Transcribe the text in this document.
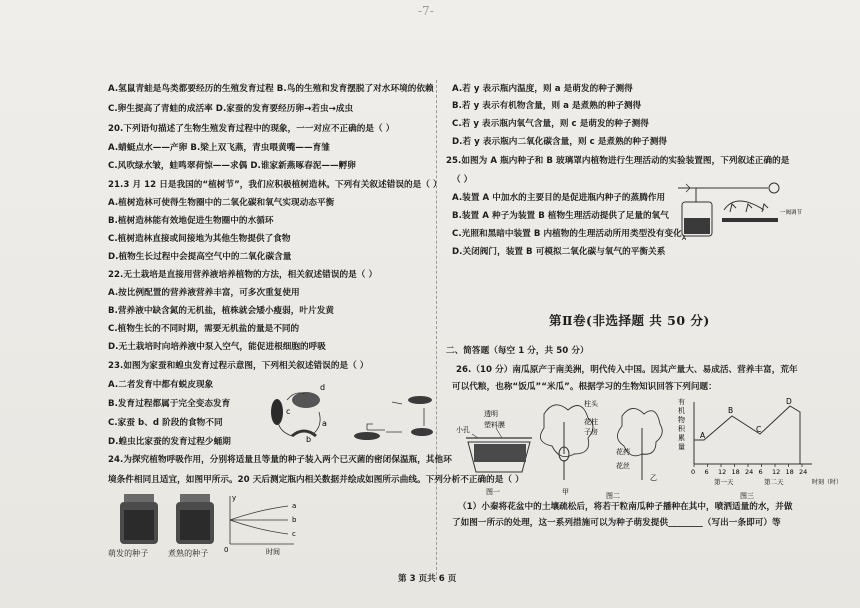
-7-
A.氢鼠青蛙是鸟类都要经历的生殖发育过程 B.鸟的生殖和发育摆脱了对水环境的依赖
C.卵生提高了青蛙的成活率 D.家蚕的发育要经历卵→若虫→成虫
20.下列语句描述了生物生殖发育过程中的现象，一一对应不正确的是（ ）
A.蜻蜓点水——产卵 B.梁上双飞燕，青虫喂黄嘴——育雏
C.风吹绿水皱，蛙鸣翠荷惊——求偶 D.谁家新燕啄春泥——孵卵
21.3 月 12 日是我国的“植树节”，我们应积极植树造林。下列有关叙述错误的是（ ）
A.植树造林可使得生物圈中的二氧化碳和氧气实现动态平衡
B.植树造林能有效地促进生物圈中的水循环
C.植树造林直接或间接地为其他生物提供了食物
D.植物生长过程中会提高空气中的二氧化碳含量
22.无土栽培是直接用营养液培养植物的方法，相关叙述错误的是（ ）
A.按比例配置的营养液营养丰富，可多次重复使用
B.营养液中缺含氮的无机盐，植株就会矮小瘦弱，叶片发黄
C.植物生长的不同时期，需要无机盐的量是不同的
D.无土栽培时向培养液中泵入空气，能促进根细胞的呼吸
23.如图为家蚕和蝗虫发育过程示意图，下列相关叙述错误的是（ ）
A.二者发育中都有蜕皮现象
B.发育过程都属于完全变态发育
C.家蚕 b、d 阶段的食物不同
D.蝗虫比家蚕的发育过程少蛹期
c
d
a
b
24.为探究植物呼吸作用，分别将适量且等量的种子装入两个已灭菌的密闭保温瓶，其他环
境条件相同且适宜，如图甲所示。20 天后测定瓶内相关数据并绘成如图所示曲线。下列分析不正确的是（ ）
y
a
b
c
0	时间
萌发的种子 煮熟的种子
A.若 y 表示瓶内温度，则 a 是萌发的种子测得
B.若 y 表示有机物含量，则 a 是煮熟的种子测得
C.若 y 表示瓶内氧气含量，则 c 是萌发的种子测得
D.若 y 表示瓶内二氧化碳含量，则 c 是煮熟的种子测得
25.如图为 A 瓶内种子和 B 玻璃罩内植物进行生理活动的实验装置图，下列叙述正确的是
（ ）
A.装置 A 中加水的主要目的是促进瓶内种子的蒸腾作用
B.装置 A 种子为装置 B 植物生理活动提供了足量的氧气
C.光照和黑暗中装置 B 内植物的生理活动所用类型没有变化
D.关闭阀门，装置 B 可模拟二氧化碳与氧气的平衡关系
A
一阀调节
第Ⅱ卷(非选择题 共 50 分)
二、简答题（每空 1 分，共 50 分）
26.（10 分）南瓜原产于南美洲，明代传入中国。因其产量大、易成活、营养丰富，荒年
可以代粮，也称“饭瓜”“米瓜”。根据学习的生物知识回答下列问题：
透明
塑料膜
小孔
图一
柱头
花柱
子房
甲
花药
花丝
乙
图二
有
机
物
积
累
量
A
B
C
D
0 6 12 18 24 6 12 18 24
第一天	第二天	时刻（时）
图三
（1）小秦将花盆中的土壤疏松后，将若干粒南瓜种子播种在其中，喷洒适量的水，并做
了如图一所示的处理，这一系列措施可以为种子萌发提供________（写出一条即可）等
第 3 页共 6 页
